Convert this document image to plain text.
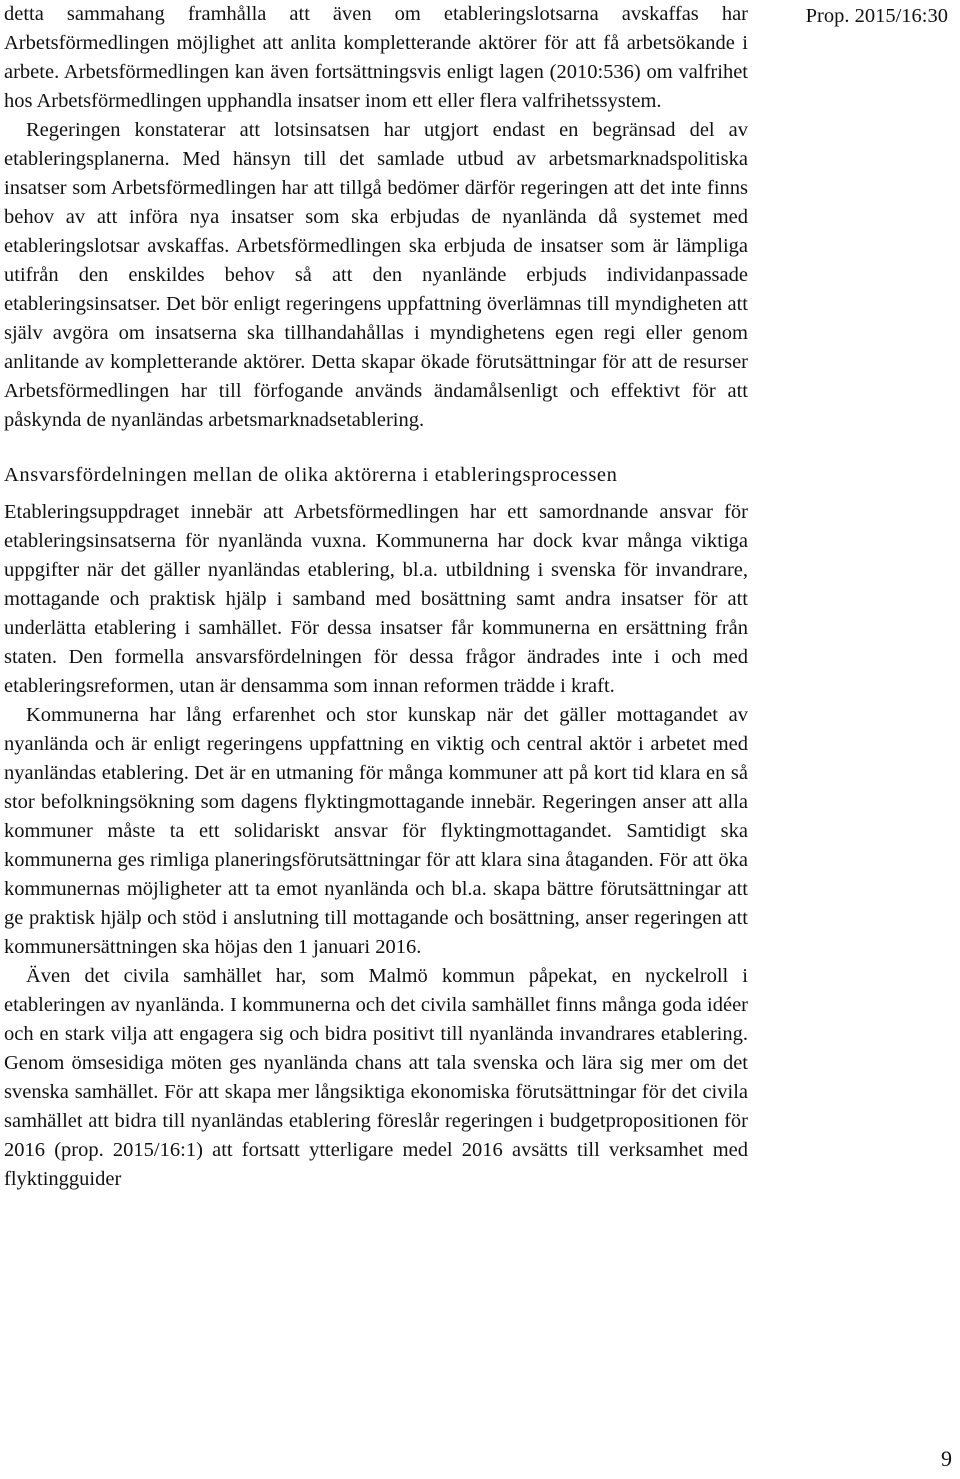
detta sammahang framhålla att även om etableringslotsarna avskaffas har Arbetsförmedlingen möjlighet att anlita kompletterande aktörer för att få arbetsökande i arbete. Arbetsförmedlingen kan även fortsättningsvis enligt lagen (2010:536) om valfrihet hos Arbetsförmedlingen upphandla insatser inom ett eller flera valfrihetssystem.

Regeringen konstaterar att lotsinsatsen har utgjort endast en begränsad del av etableringsplanerna. Med hänsyn till det samlade utbud av arbetsmarknadspolitiska insatser som Arbetsförmedlingen har att tillgå bedömer därför regeringen att det inte finns behov av att införa nya insatser som ska erbjudas de nyanlända då systemet med etableringslotsar avskaffas. Arbetsförmedlingen ska erbjuda de insatser som är lämpliga utifrån den enskildes behov så att den nyanlände erbjuds individanpassade etableringsinsatser. Det bör enligt regeringens uppfattning överlämnas till myndigheten att själv avgöra om insatserna ska tillhandahållas i myndighetens egen regi eller genom anlitande av kompletterande aktörer. Detta skapar ökade förutsättningar för att de resurser Arbetsförmedlingen har till förfogande används ändamålsenligt och effektivt för att påskynda de nyanländas arbetsmarknadsetablering.

Ansvarsfördelningen mellan de olika aktörerna i etableringsprocessen

Etableringsuppdraget innebär att Arbetsförmedlingen har ett samordnande ansvar för etableringsinsatserna för nyanlända vuxna. Kommunerna har dock kvar många viktiga uppgifter när det gäller nyanländas etablering, bl.a. utbildning i svenska för invandrare, mottagande och praktisk hjälp i samband med bosättning samt andra insatser för att underlätta etablering i samhället. För dessa insatser får kommunerna en ersättning från staten. Den formella ansvarsfördelningen för dessa frågor ändrades inte i och med etableringsreformen, utan är densamma som innan reformen trädde i kraft.

Kommunerna har lång erfarenhet och stor kunskap när det gäller mottagandet av nyanlända och är enligt regeringens uppfattning en viktig och central aktör i arbetet med nyanländas etablering. Det är en utmaning för många kommuner att på kort tid klara en så stor befolkningsökning som dagens flyktingmottagande innebär. Regeringen anser att alla kommuner måste ta ett solidariskt ansvar för flyktingmottagandet. Samtidigt ska kommunerna ges rimliga planeringsförutsättningar för att klara sina åtaganden. För att öka kommunernas möjligheter att ta emot nyanlända och bl.a. skapa bättre förutsättningar att ge praktisk hjälp och stöd i anslutning till mottagande och bosättning, anser regeringen att kommunersättningen ska höjas den 1 januari 2016.

Även det civila samhället har, som Malmö kommun påpekat, en nyckelroll i etableringen av nyanlända. I kommunerna och det civila samhället finns många goda idéer och en stark vilja att engagera sig och bidra positivt till nyanlända invandrares etablering. Genom ömsesidiga möten ges nyanlända chans att tala svenska och lära sig mer om det svenska samhället. För att skapa mer långsiktiga ekonomiska förutsättningar för det civila samhället att bidra till nyanländas etablering föreslår regeringen i budgetpropositionen för 2016 (prop. 2015/16:1) att fortsatt ytterligare medel 2016 avsätts till verksamhet med flyktingguider

Prop. 2015/16:30
9
